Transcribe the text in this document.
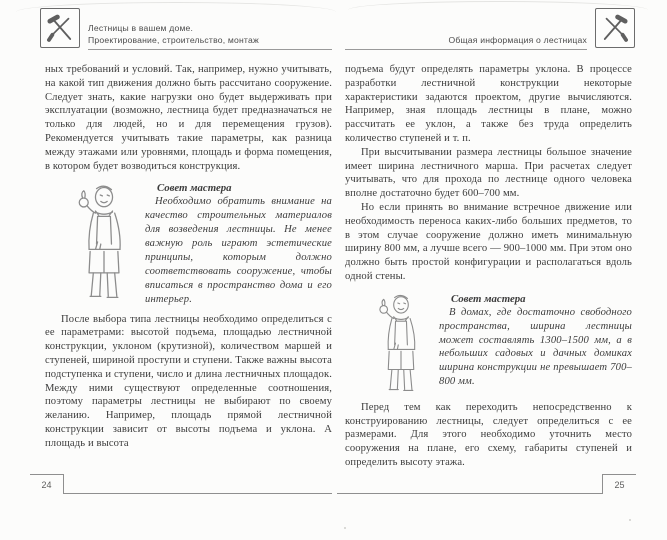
Лестницы в вашем доме.
Проектирование, строительство, монтаж

ных требований и условий. Так, например, нужно учитывать, на какой тип движения должно быть рассчитано сооружение. Следует знать, какие нагрузки оно будет выдерживать при эксплуатации (возможно, лестница будет предназначаться не только для людей, но и для перемещения грузов). Рекомендуется учитывать такие параметры, как разница между этажами или уровнями, площадь и форма помещения, в котором будет возводиться конструкция.

Совет мастера

Необходимо обратить внимание на качество строительных материалов для возведения лестницы. Не менее важную роль играют эстетические принципы, которым должно соответствовать сооружение, чтобы вписаться в пространство дома и его интерьер.

После выбора типа лестницы необходимо определиться с ее параметрами: высотой подъема, площадью лестничной конструкции, уклоном (крутизной), количеством маршей и ступеней, шириной проступи и ступени. Также важны высота подступенка и ступени, число и длина лестничных площадок. Между ними существуют определенные соотношения, поэтому параметры лестницы не выбирают по своему желанию. Например, площадь прямой лестничной конструкции зависит от высоты подъема и уклона. А площадь и высота

Общая информация о лестницах

подъема будут определять параметры уклона. В процессе разработки лестничной конструкции некоторые характеристики задаются проектом, другие вычисляются. Например, зная площадь лестницы в плане, можно рассчитать ее уклон, а также без труда определить количество ступеней и т. п.

При высчитывании размера лестницы большое значение имеет ширина лестничного марша. При расчетах следует учитывать, что для прохода по лестнице одного человека вполне достаточно будет 600–700 мм.

Но если принять во внимание встречное движение или необходимость переноса каких-либо больших предметов, то в этом случае сооружение должно иметь минимальную ширину 800 мм, а лучше всего — 900–1000 мм. При этом оно должно быть простой конфигурации и располагаться вдоль одной стены.

Совет мастера

В домах, где достаточно свободного пространства, ширина лестницы может составлять 1300–1500 мм, а в небольших садовых и дачных домиках ширина конструкции не превышает 700–800 мм.

Перед тем как переходить непосредственно к конструированию лестницы, следует определиться с ее размерами. Для этого необходимо уточнить место сооружения на плане, его схему, габариты ступеней и определить высоту этажа.

24	25
